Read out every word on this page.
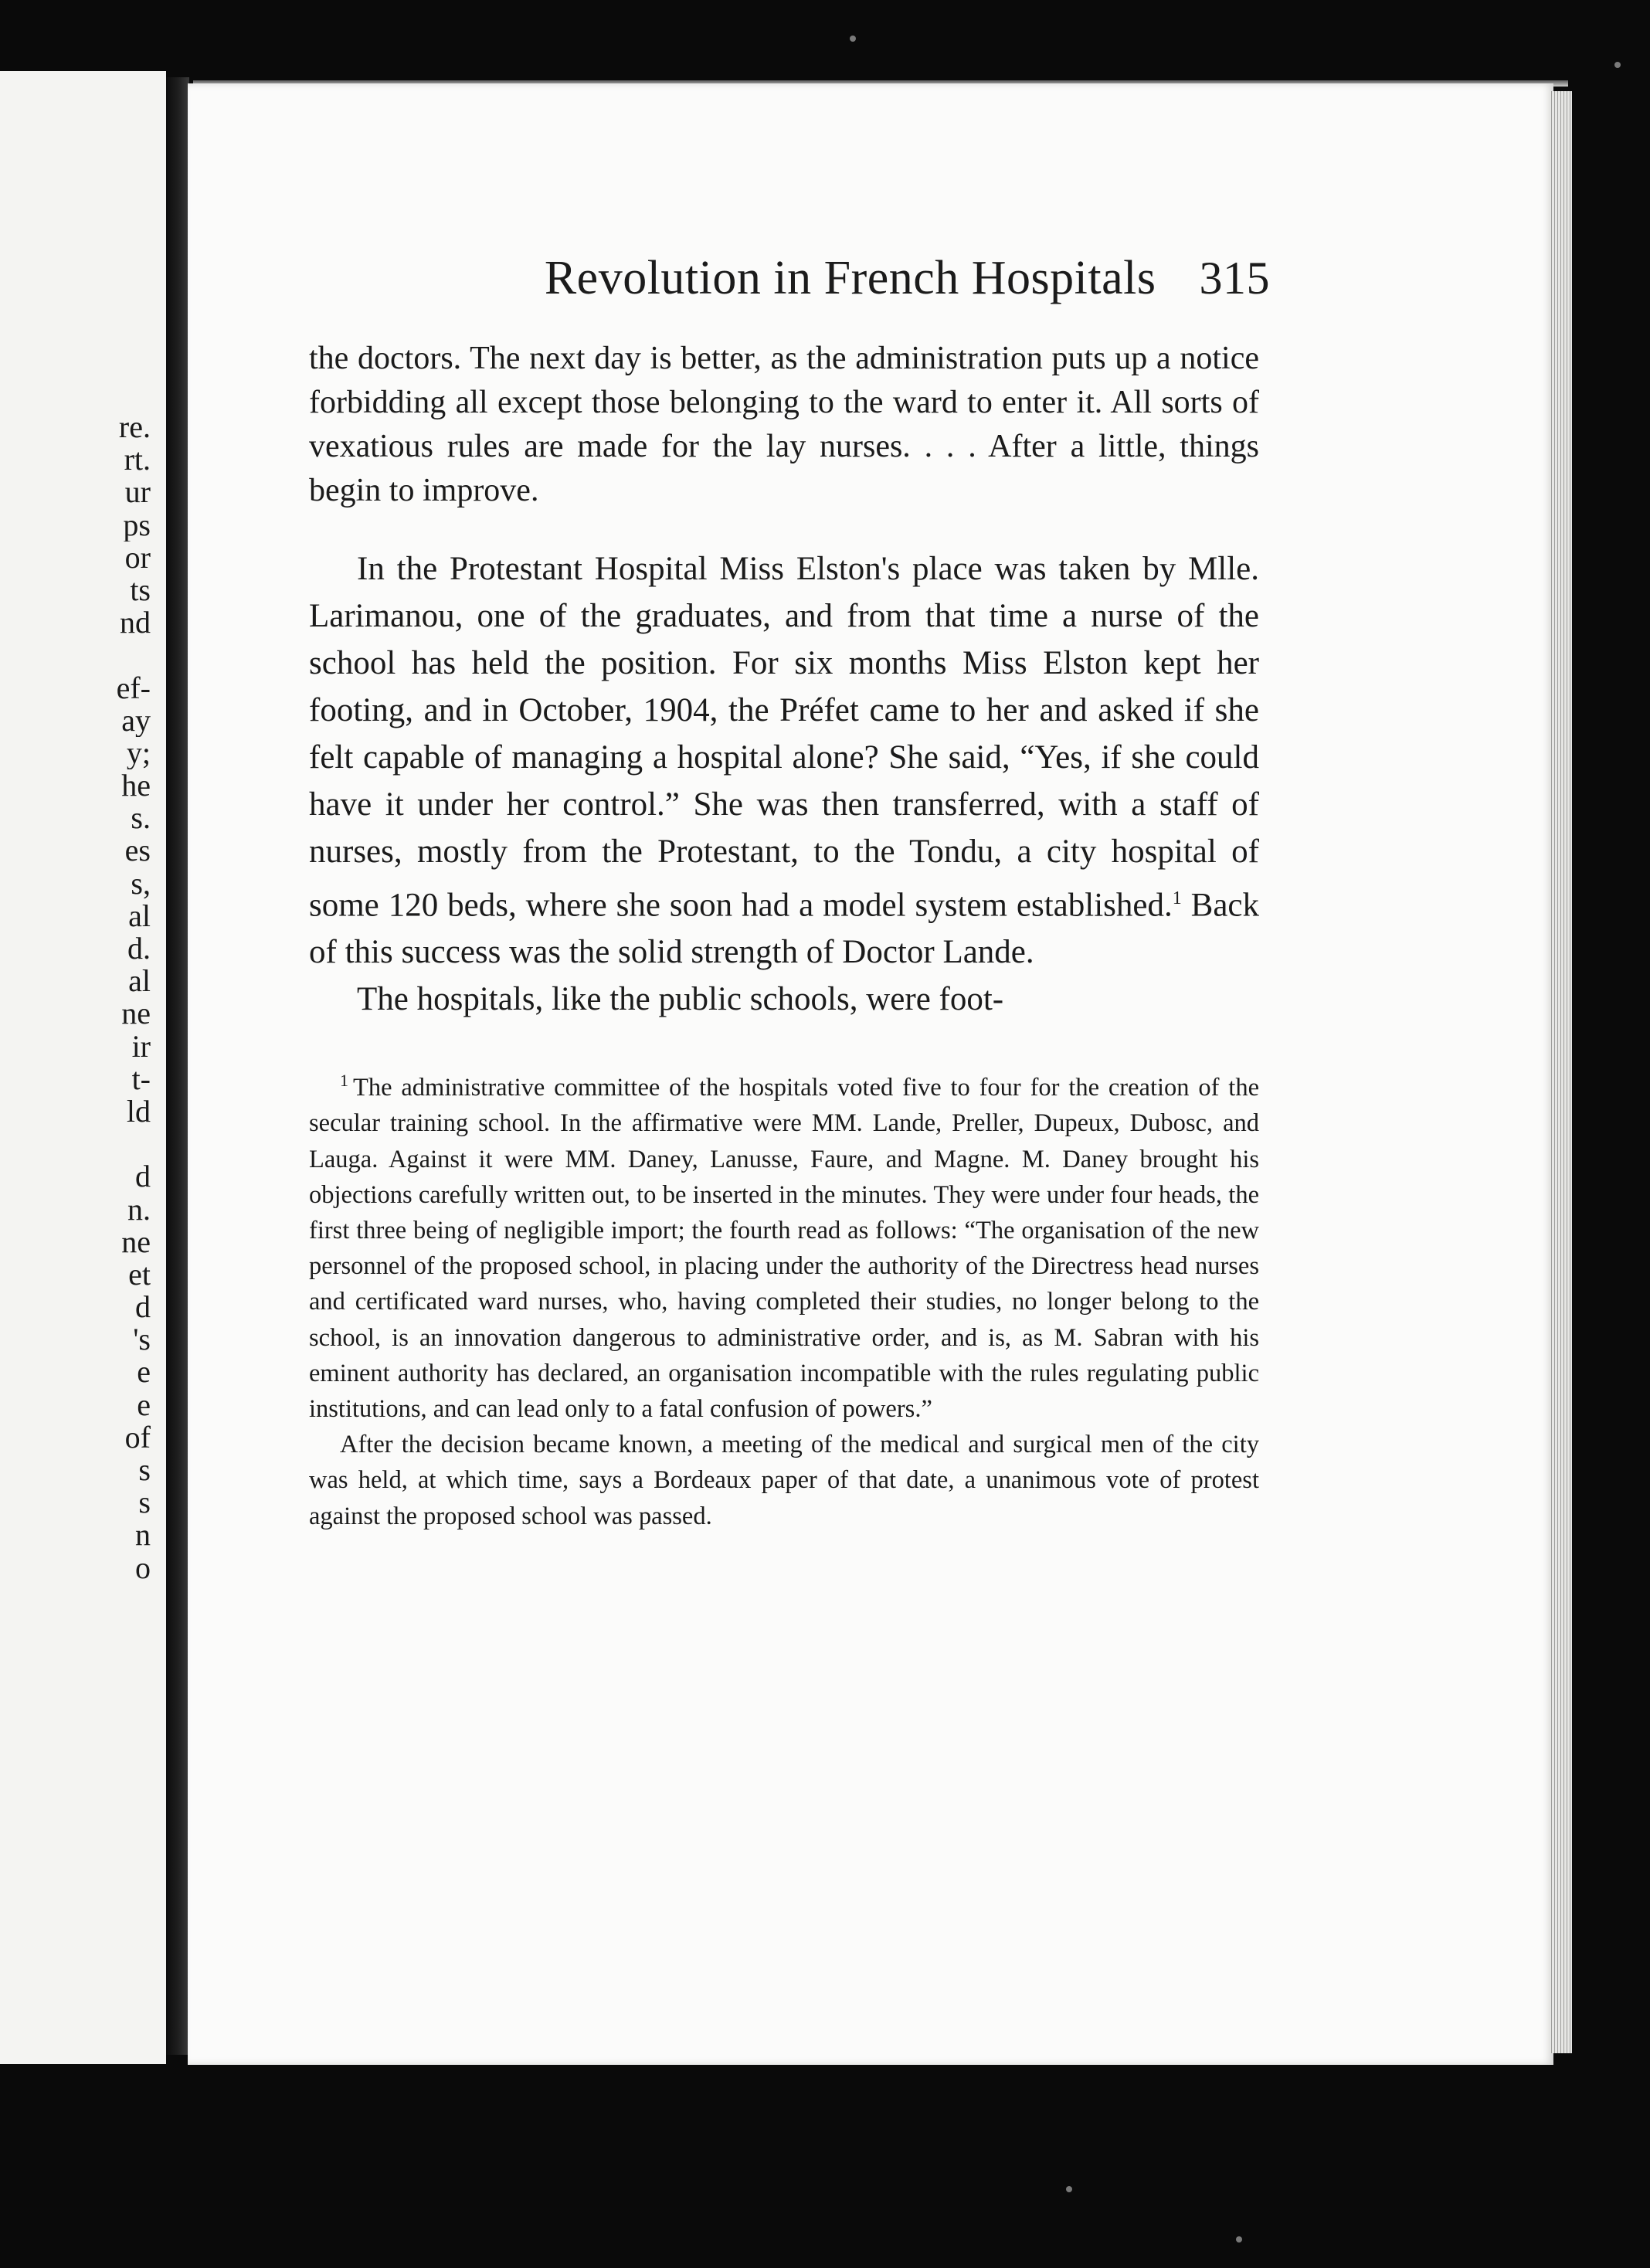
re.
rt.
ur
ps
or
ts
nd
ef-
ay
y;
he
s.
es
s,
al
d.
al
ne
ir
t-
ld
d
n.
ne
et
d
's
e
e
of
s
s
n
o
Revolution in French Hospitals 315

the doctors. The next day is better, as the administration puts up a notice forbidding all except those belonging to the ward to enter it. All sorts of vexatious rules are made for the lay nurses. . . . After a little, things begin to improve.

In the Protestant Hospital Miss Elston's place was taken by Mlle. Larimanou, one of the graduates, and from that time a nurse of the school has held the position. For six months Miss Elston kept her footing, and in October, 1904, the Préfet came to her and asked if she felt capable of managing a hospital alone? She said, “Yes, if she could have it under her control.” She was then transferred, with a staff of nurses, mostly from the Protestant, to the Tondu, a city hospital of some 120 beds, where she soon had a model system established.$^1$ Back of this success was the solid strength of Doctor Lande.

The hospitals, like the public schools, were foot-

$^1$ The administrative committee of the hospitals voted five to four for the creation of the secular training school. In the affirmative were MM. Lande, Preller, Dupeux, Dubosc, and Lauga. Against it were MM. Daney, Lanusse, Faure, and Magne. M. Daney brought his objections carefully written out, to be inserted in the minutes. They were under four heads, the first three being of negligible import; the fourth read as follows: “The organisation of the new personnel of the proposed school, in placing under the authority of the Directress head nurses and certificated ward nurses, who, having completed their studies, no longer belong to the school, is an innovation dangerous to administrative order, and is, as M. Sabran with his eminent authority has declared, an organisation incompatible with the rules regulating public institutions, and can lead only to a fatal confusion of powers.”

After the decision became known, a meeting of the medical and surgical men of the city was held, at which time, says a Bordeaux paper of that date, a unanimous vote of protest against the proposed school was passed.
